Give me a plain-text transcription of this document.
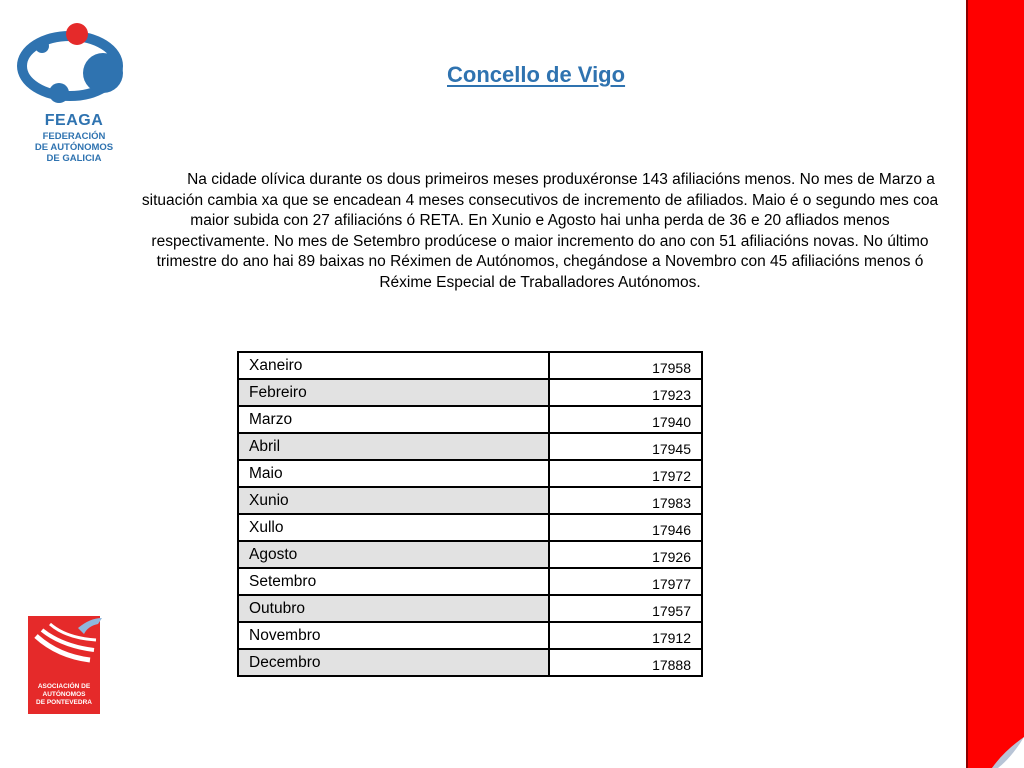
FEAGA
FEDERACIÓN
DE AUTÓNOMOS
DE GALICIA
Concello de Vigo

Na cidade olívica durante os dous primeiros meses produxéronse 143 afiliacións menos. No mes de Marzo a situación cambia xa que se encadean 4 meses consecutivos de incremento de afiliados. Maio é o segundo mes coa maior subida con 27 afiliacións ó RETA. En Xunio e Agosto hai unha perda de 36 e 20 afliados menos respectivamente. No mes de Setembro prodúcese o maior incremento do ano con 51 afiliacións novas. No último trimestre do ano hai 89 baixas no Réximen de Autónomos, chegándose a Novembro con 45 afiliacións menos ó Réxime Especial de Traballadores Autónomos.

Xaneiro	17958
Febreiro	17923
Marzo	17940
Abril	17945
Maio	17972
Xunio	17983
Xullo	17946
Agosto	17926
Setembro	17977
Outubro	17957
Novembro	17912
Decembro	17888
ASOCIACIÓN DE
AUTÓNOMOS
DE PONTEVEDRA
